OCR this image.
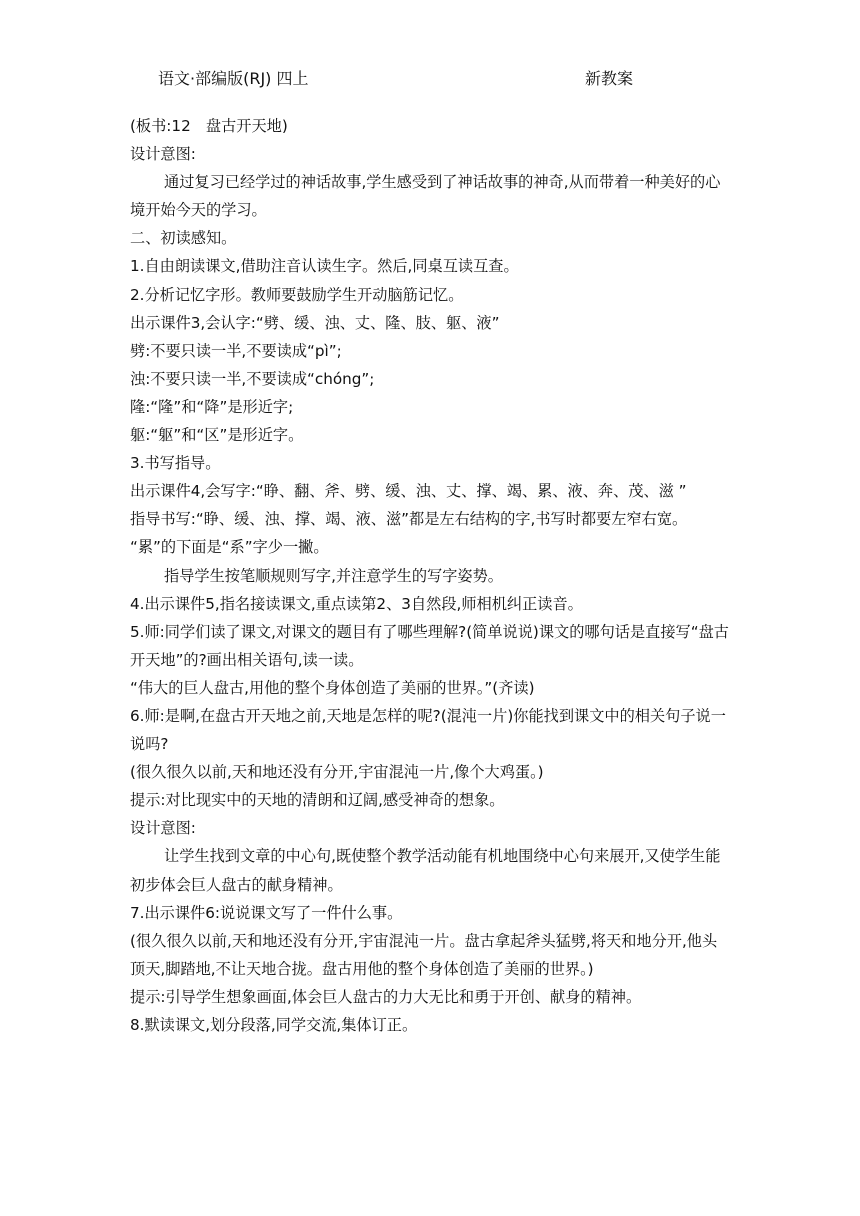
语文·部编版(RJ) 四上	新教案

(板书:12　盘古开天地)

设计意图:

通过复习已经学过的神话故事,学生感受到了神话故事的神奇,从而带着一种美好的心境开始今天的学习。

二、初读感知。

1.自由朗读课文,借助注音认读生字。然后,同桌互读互查。

2.分析记忆字形。教师要鼓励学生开动脑筋记忆。

出示课件3,会认字:“劈、缓、浊、丈、隆、肢、躯、液”

劈:不要只读一半,不要读成“pì”;

浊:不要只读一半,不要读成“chóng”;

隆:“隆”和“降”是形近字;

躯:“躯”和“区”是形近字。

3.书写指导。

出示课件4,会写字:“睁、翻、斧、劈、缓、浊、丈、撑、竭、累、液、奔、茂、滋 ”

指导书写:“睁、缓、浊、撑、竭、液、滋”都是左右结构的字,书写时都要左窄右宽。

“累”的下面是“系”字少一撇。

指导学生按笔顺规则写字,并注意学生的写字姿势。

4.出示课件5,指名接读课文,重点读第2、3自然段,师相机纠正读音。

5.师:同学们读了课文,对课文的题目有了哪些理解?(简单说说)课文的哪句话是直接写“盘古开天地”的?画出相关语句,读一读。

“伟大的巨人盘古,用他的整个身体创造了美丽的世界。”(齐读)

6.师:是啊,在盘古开天地之前,天地是怎样的呢?(混沌一片)你能找到课文中的相关句子说一说吗?

(很久很久以前,天和地还没有分开,宇宙混沌一片,像个大鸡蛋。)

提示:对比现实中的天地的清朗和辽阔,感受神奇的想象。

设计意图:

让学生找到文章的中心句,既使整个教学活动能有机地围绕中心句来展开,又使学生能初步体会巨人盘古的献身精神。

7.出示课件6:说说课文写了一件什么事。

(很久很久以前,天和地还没有分开,宇宙混沌一片。盘古拿起斧头猛劈,将天和地分开,他头顶天,脚踏地,不让天地合拢。盘古用他的整个身体创造了美丽的世界。)

提示:引导学生想象画面,体会巨人盘古的力大无比和勇于开创、献身的精神。

8.默读课文,划分段落,同学交流,集体订正。
